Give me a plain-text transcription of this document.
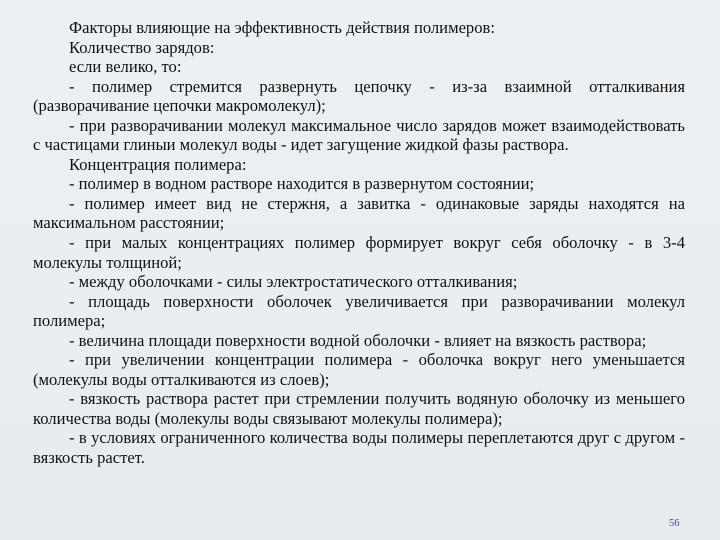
Факторы влияющие на эффективность действия полимеров:

Количество зарядов:

если велико, то:

- полимер стремится развернуть цепочку - из-за взаимной отталкивания (разворачивание цепочки макромолекул);

- при разворачивании молекул максимальное число зарядов может взаимодействовать с частицами глиныи молекул воды - идет загущение жидкой фазы раствора.

Концентрация полимера:

- полимер в водном растворе находится в развернутом состоянии;

- полимер имеет вид не стержня, а завитка - одинаковые заряды находятся на максимальном расстоянии;

- при малых концентрациях полимер формирует вокруг себя оболочку - в 3-4 молекулы толщиной;

- между оболочками - силы электростатического отталкивания;

- площадь поверхности оболочек увеличивается при разворачивании молекул полимера;

- величина площади поверхности водной оболочки - влияет на вязкость раствора;

- при увеличении концентрации полимера - оболочка вокруг него уменьшается (молекулы воды отталкиваются из слоев);

- вязкость раствора растет при стремлении получить водяную оболочку из меньшего количества воды (молекулы воды связывают молекулы полимера);

- в условиях ограниченного количества воды полимеры переплетаются друг с другом - вязкость растет.

56
